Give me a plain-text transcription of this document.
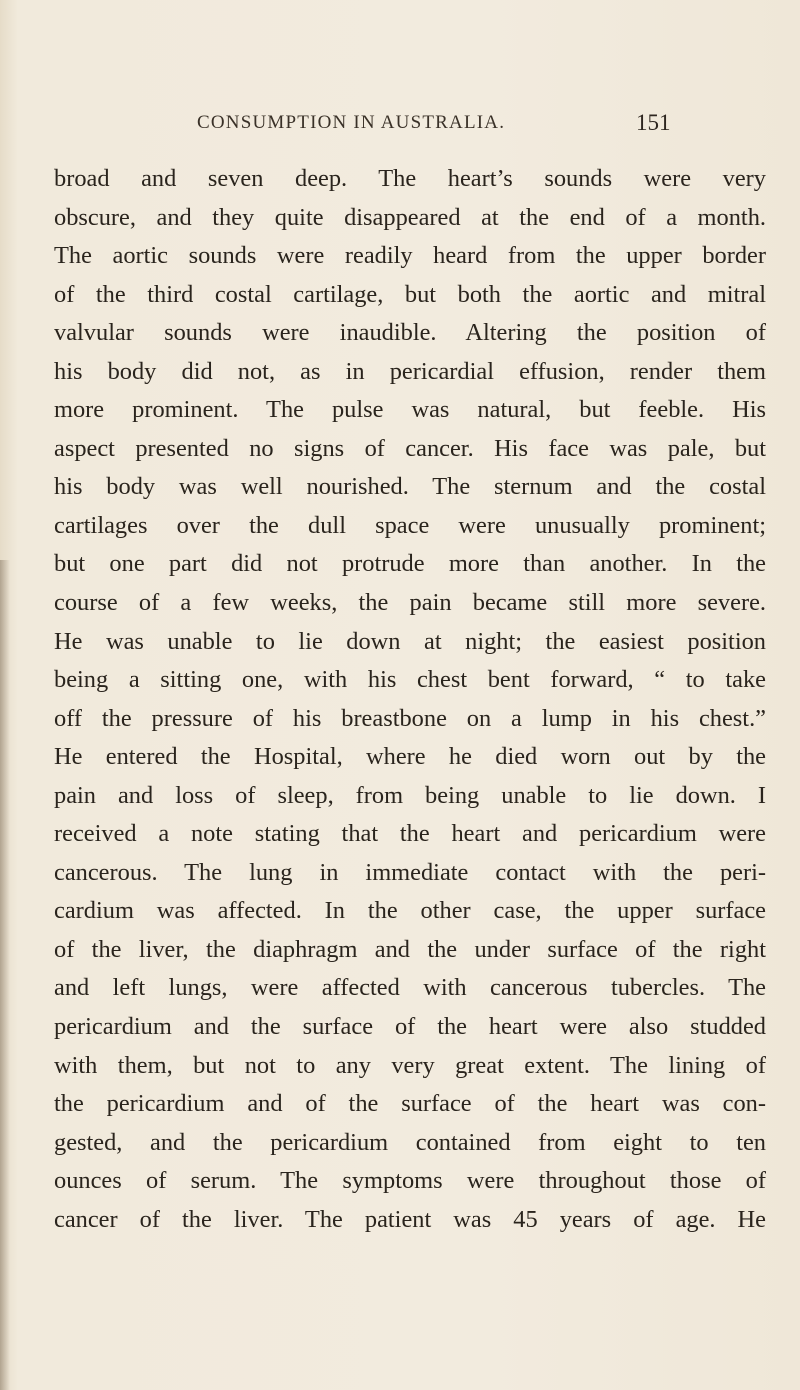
CONSUMPTION IN AUSTRALIA.	151
broad and seven deep. The heart’s sounds were very
obscure, and they quite disappeared at the end of a month.
The aortic sounds were readily heard from the upper border
of the third costal cartilage, but both the aortic and mitral
valvular sounds were inaudible. Altering the position of
his body did not, as in pericardial effusion, render them
more prominent. The pulse was natural, but feeble. His
aspect presented no signs of cancer. His face was pale, but
his body was well nourished. The sternum and the costal
cartilages over the dull space were unusually prominent;
but one part did not protrude more than another. In the
course of a few weeks, the pain became still more severe.
He was unable to lie down at night; the easiest position
being a sitting one, with his chest bent forward, “ to take
off the pressure of his breastbone on a lump in his chest.”
He entered the Hospital, where he died worn out by the
pain and loss of sleep, from being unable to lie down. I
received a note stating that the heart and pericardium were
cancerous. The lung in immediate contact with the peri-
cardium was affected. In the other case, the upper surface
of the liver, the diaphragm and the under surface of the right
and left lungs, were affected with cancerous tubercles. The
pericardium and the surface of the heart were also studded
with them, but not to any very great extent. The lining of
the pericardium and of the surface of the heart was con-
gested, and the pericardium contained from eight to ten
ounces of serum. The symptoms were throughout those of
cancer of the liver. The patient was 45 years of age. He
